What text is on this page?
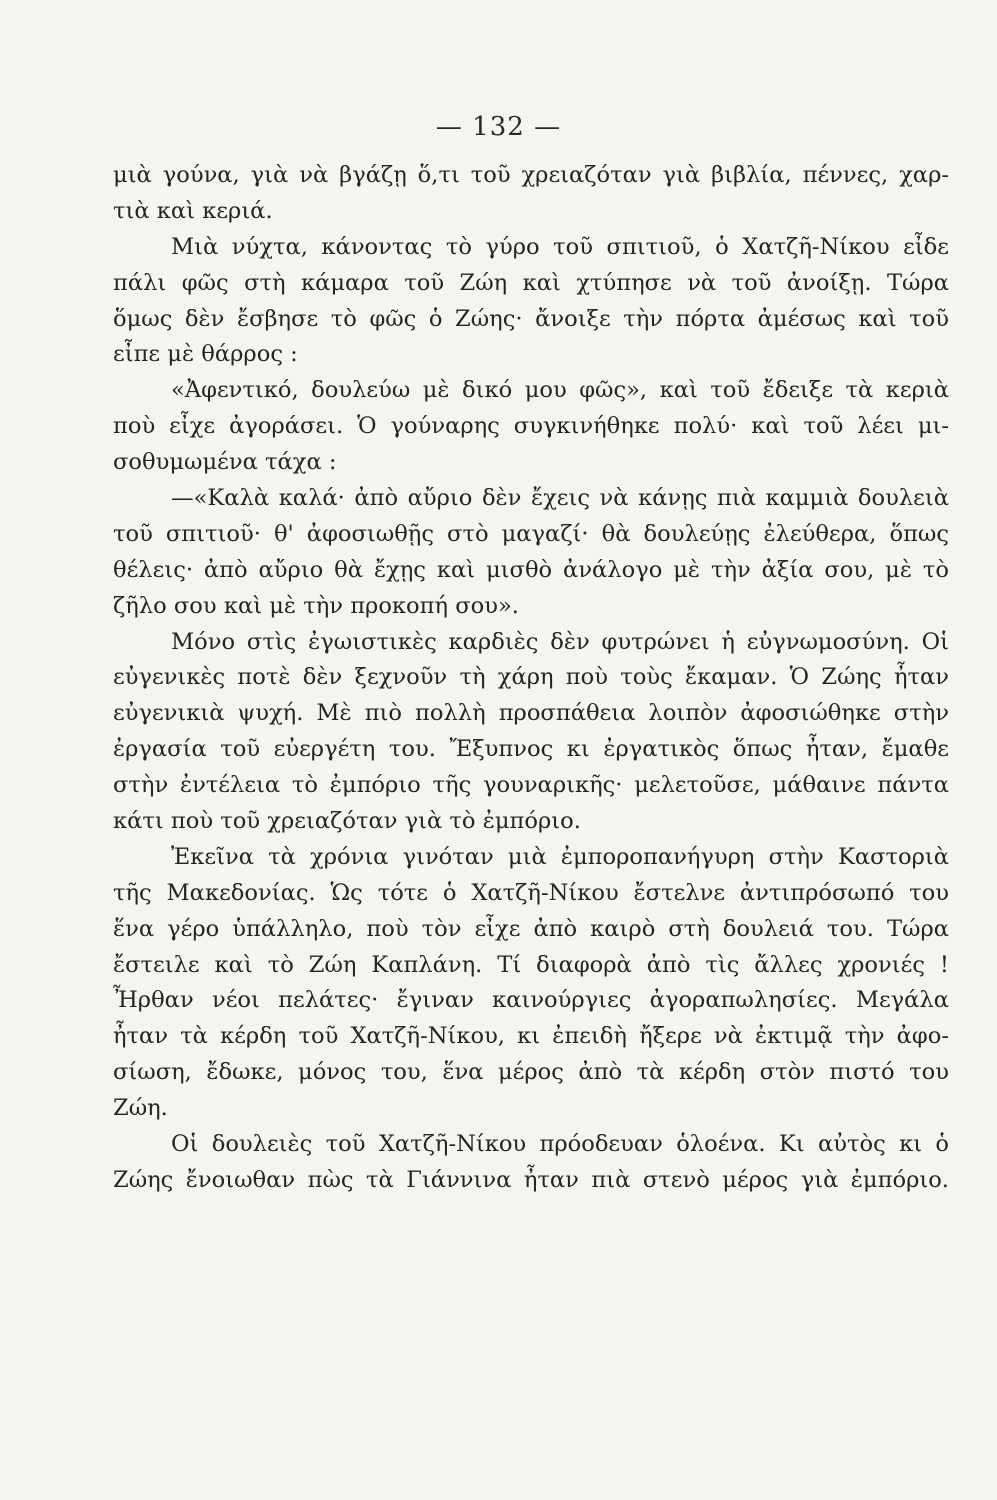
— 132 —
μιὰ γούνα, γιὰ νὰ βγάζῃ ὅ,τι τοῦ χρειαζόταν γιὰ βιβλία, πέννες, χαρ-
τιὰ καὶ κεριά.
Μιὰ νύχτα, κάνοντας τὸ γύρο τοῦ σπιτιοῦ, ὁ Χατζῆ-Νίκου εἶδε
πάλι φῶς στὴ κάμαρα τοῦ Ζώη καὶ χτύπησε νὰ τοῦ ἀνοίξῃ. Τώρα
ὅμως δὲν ἔσβησε τὸ φῶς ὁ Ζώης· ἄνοιξε τὴν πόρτα ἀμέσως καὶ τοῦ
εἶπε μὲ θάρρος :
«Ἀφεντικό, δουλεύω μὲ δικό μου φῶς», καὶ τοῦ ἔδειξε τὰ κεριὰ
ποὺ εἶχε ἀγοράσει. Ὁ γούναρης συγκινήθηκε πολύ· καὶ τοῦ λέει μι-
σοθυμωμένα τάχα :
—«Καλὰ καλά· ἀπὸ αὔριο δὲν ἔχεις νὰ κάνῃς πιὰ καμμιὰ δουλειὰ
τοῦ σπιτιοῦ· θ' ἀφοσιωθῇς στὸ μαγαζί· θὰ δουλεύῃς ἐλεύθερα, ὅπως
θέλεις· ἀπὸ αὔριο θὰ ἔχῃς καὶ μισθὸ ἀνάλογο μὲ τὴν ἀξία σου, μὲ τὸ
ζῆλο σου καὶ μὲ τὴν προκοπή σου».
Μόνο στὶς ἐγωιστικὲς καρδιὲς δὲν φυτρώνει ἡ εὐγνωμοσύνη. Οἱ
εὐγενικὲς ποτὲ δὲν ξεχνοῦν τὴ χάρη ποὺ τοὺς ἔκαμαν. Ὁ Ζώης ἦταν
εὐγενικιὰ ψυχή. Μὲ πιὸ πολλὴ προσπάθεια λοιπὸν ἀφοσιώθηκε στὴν
ἐργασία τοῦ εὐεργέτη του. Ἔξυπνος κι ἐργατικὸς ὅπως ἦταν, ἔμαθε
στὴν ἐντέλεια τὸ ἐμπόριο τῆς γουναρικῆς· μελετοῦσε, μάθαινε πάντα
κάτι ποὺ τοῦ χρειαζόταν γιὰ τὸ ἐμπόριο.
Ἐκεῖνα τὰ χρόνια γινόταν μιὰ ἐμποροπανήγυρη στὴν Καστοριὰ
τῆς Μακεδονίας. Ὡς τότε ὁ Χατζῆ-Νίκου ἔστελνε ἀντιπρόσωπό του
ἕνα γέρο ὑπάλληλο, ποὺ τὸν εἶχε ἀπὸ καιρὸ στὴ δουλειά του. Τώρα
ἔστειλε καὶ τὸ Ζώη Καπλάνη. Τί διαφορὰ ἀπὸ τὶς ἄλλες χρονιές !
Ἦρθαν νέοι πελάτες· ἔγιναν καινούργιες ἀγοραπωλησίες. Μεγάλα
ἦταν τὰ κέρδη τοῦ Χατζῆ-Νίκου, κι ἐπειδὴ ἤξερε νὰ ἐκτιμᾷ τὴν ἀφο-
σίωση, ἔδωκε, μόνος του, ἕνα μέρος ἀπὸ τὰ κέρδη στὸν πιστό του
Ζώη.
Οἱ δουλειὲς τοῦ Χατζῆ-Νίκου πρόοδευαν ὁλοένα. Κι αὐτὸς κι ὁ
Ζώης ἔνοιωθαν πὼς τὰ Γιάννινα ἦταν πιὰ στενὸ μέρος γιὰ ἐμπόριο.
